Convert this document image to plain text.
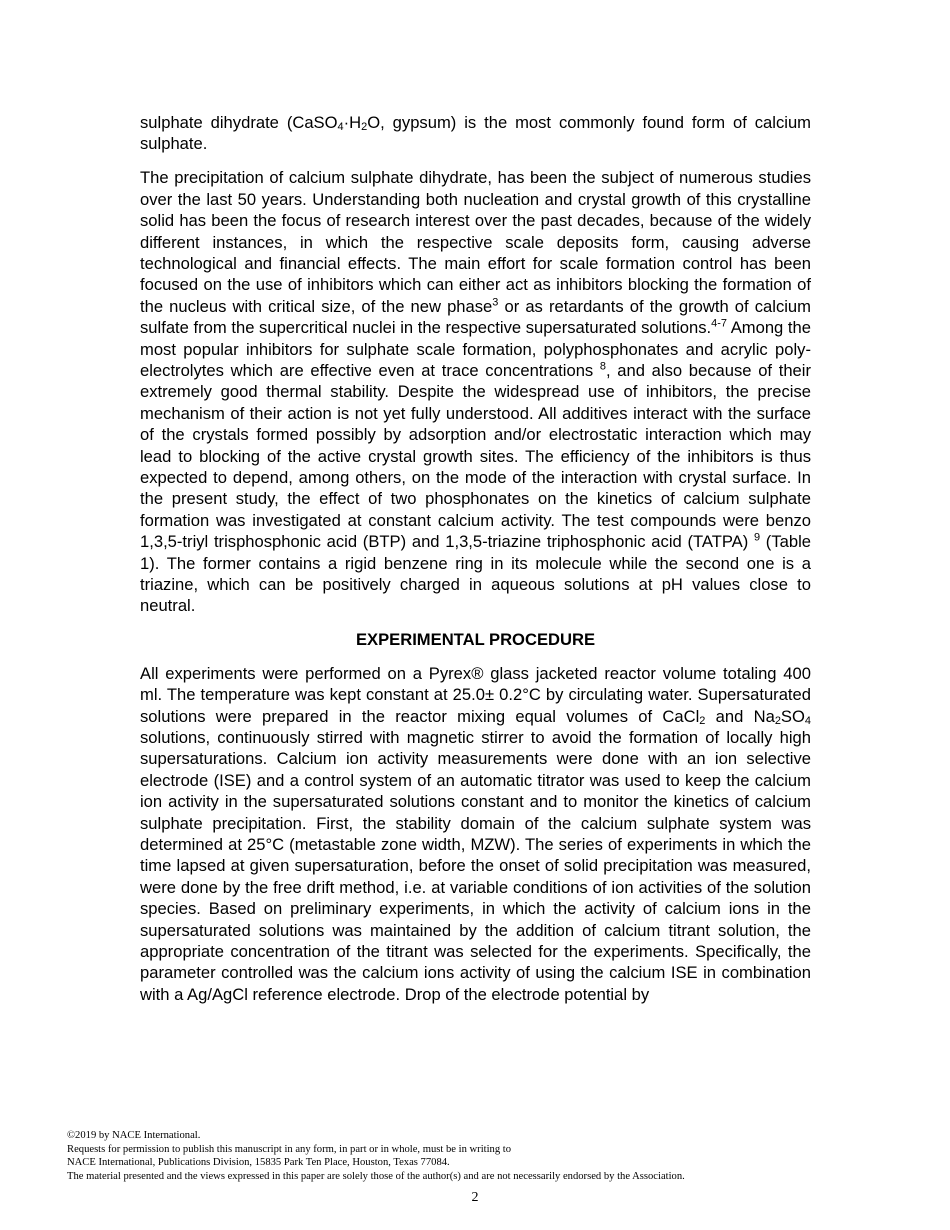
sulphate dihydrate ($CaSO_4\cdot H_2O$, gypsum) is the most commonly found form of calcium sulphate.

The precipitation of calcium sulphate dihydrate, has been the subject of numerous studies over the last 50 years. Understanding both nucleation and crystal growth of this crystalline solid has been the focus of research interest over the past decades, because of the widely different instances, in which the respective scale deposits form, causing adverse technological and financial effects. The main effort for scale formation control has been focused on the use of inhibitors which can either act as inhibitors blocking the formation of the nucleus with critical size, of the new phase$^3$ or as retardants of the growth of calcium sulfate from the supercritical nuclei in the respective supersaturated solutions.$^{4-7}$ Among the most popular inhibitors for sulphate scale formation, polyphosphonates and acrylic poly-electrolytes which are effective even at trace concentrations $^8$, and also because of their extremely good thermal stability. Despite the widespread use of inhibitors, the precise mechanism of their action is not yet fully understood. All additives interact with the surface of the crystals formed possibly by adsorption and/or electrostatic interaction which may lead to blocking of the active crystal growth sites. The efficiency of the inhibitors is thus expected to depend, among others, on the mode of the interaction with crystal surface. In the present study, the effect of two phosphonates on the kinetics of calcium sulphate formation was investigated at constant calcium activity. The test compounds were benzo 1,3,5-triyl trisphosphonic acid (BTP) and 1,3,5-triazine triphosphonic acid (TATPA) $^9$ (Table 1). The former contains a rigid benzene ring in its molecule while the second one is a triazine, which can be positively charged in aqueous solutions at pH values close to neutral.

EXPERIMENTAL PROCEDURE

All experiments were performed on a Pyrex® glass jacketed reactor volume totaling 400 ml. The temperature was kept constant at 25.0± 0.2°C by circulating water. Supersaturated solutions were prepared in the reactor mixing equal volumes of CaCl$_2$ and $Na_2SO_4$ solutions, continuously stirred with magnetic stirrer to avoid the formation of locally high supersaturations. Calcium ion activity measurements were done with an ion selective electrode (ISE) and a control system of an automatic titrator was used to keep the calcium ion activity in the supersaturated solutions constant and to monitor the kinetics of calcium sulphate precipitation. First, the stability domain of the calcium sulphate system was determined at 25°C (metastable zone width, MZW). The series of experiments in which the time lapsed at given supersaturation, before the onset of solid precipitation was measured, were done by the free drift method, i.e. at variable conditions of ion activities of the solution species. Based on preliminary experiments, in which the activity of calcium ions in the supersaturated solutions was maintained by the addition of calcium titrant solution, the appropriate concentration of the titrant was selected for the experiments. Specifically, the parameter controlled was the calcium ions activity of using the calcium ISE in combination with a Ag/AgCl reference electrode. Drop of the electrode potential by

©2019 by NACE International.
Requests for permission to publish this manuscript in any form, in part or in whole, must be in writing to
NACE International, Publications Division, 15835 Park Ten Place, Houston, Texas 77084.
The material presented and the views expressed in this paper are solely those of the author(s) and are not necessarily endorsed by the Association.
2
